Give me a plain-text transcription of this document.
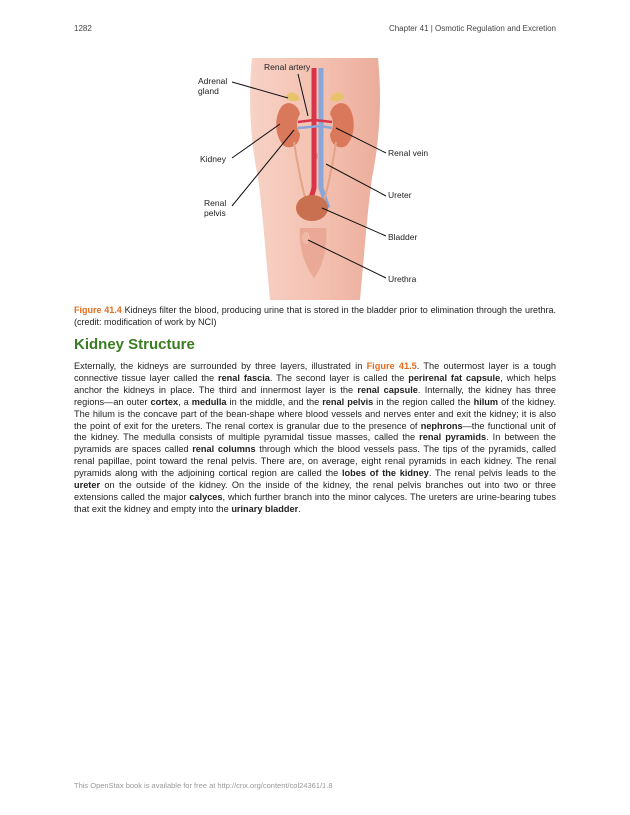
1282	Chapter 41 | Osmotic Regulation and Excretion
Renal artery
Adrenal
gland
Kidney
Renal
pelvis
Renal vein
Ureter
Bladder
Urethra
Figure 41.4 Kidneys filter the blood, producing urine that is stored in the bladder prior to elimination through the urethra. (credit: modification of work by NCI)
Kidney Structure

Externally, the kidneys are surrounded by three layers, illustrated in Figure 41.5. The outermost layer is a tough connective tissue layer called the renal fascia. The second layer is called the perirenal fat capsule, which helps anchor the kidneys in place. The third and innermost layer is the renal capsule. Internally, the kidney has three regions—an outer cortex, a medulla in the middle, and the renal pelvis in the region called the hilum of the kidney. The hilum is the concave part of the bean-shape where blood vessels and nerves enter and exit the kidney; it is also the point of exit for the ureters. The renal cortex is granular due to the presence of nephrons—the functional unit of the kidney. The medulla consists of multiple pyramidal tissue masses, called the renal pyramids. In between the pyramids are spaces called renal columns through which the blood vessels pass. The tips of the pyramids, called renal papillae, point toward the renal pelvis. There are, on average, eight renal pyramids in each kidney. The renal pyramids along with the adjoining cortical region are called the lobes of the kidney. The renal pelvis leads to the ureter on the outside of the kidney. On the inside of the kidney, the renal pelvis branches out into two or three extensions called the major calyces, which further branch into the minor calyces. The ureters are urine-bearing tubes that exit the kidney and empty into the urinary bladder.

This OpenStax book is available for free at http://cnx.org/content/col24361/1.8
